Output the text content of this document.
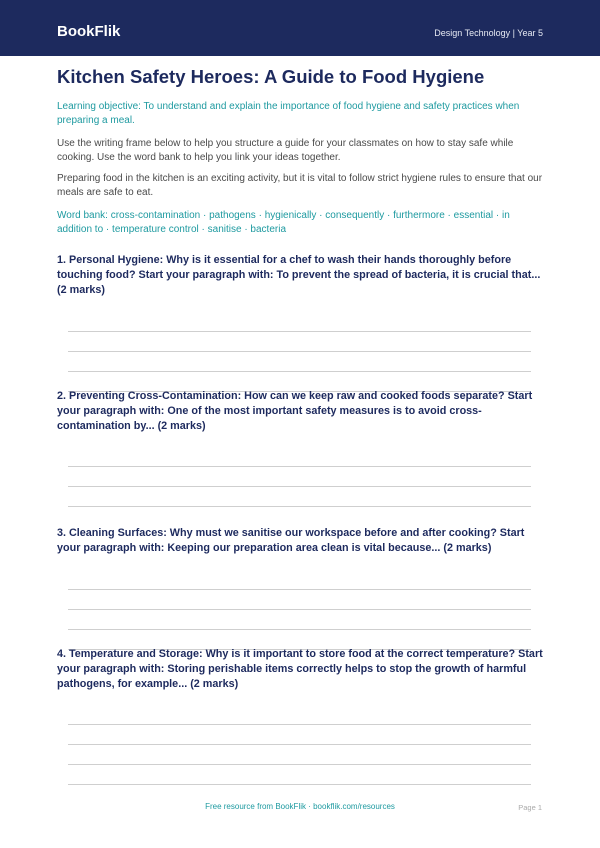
BookFlik	Design Technology | Year 5
Kitchen Safety Heroes: A Guide to Food Hygiene
Learning objective: To understand and explain the importance of food hygiene and safety practices when preparing a meal.
Use the writing frame below to help you structure a guide for your classmates on how to stay safe while cooking. Use the word bank to help you link your ideas together.
Preparing food in the kitchen is an exciting activity, but it is vital to follow strict hygiene rules to ensure that our meals are safe to eat.
Word bank: cross-contamination · pathogens · hygienically · consequently · furthermore · essential · in addition to · temperature control · sanitise · bacteria
1. Personal Hygiene: Why is it essential for a chef to wash their hands thoroughly before touching food? Start your paragraph with: To prevent the spread of bacteria, it is crucial that... (2 marks)
2. Preventing Cross-Contamination: How can we keep raw and cooked foods separate? Start your paragraph with: One of the most important safety measures is to avoid cross-contamination by... (2 marks)
3. Cleaning Surfaces: Why must we sanitise our workspace before and after cooking? Start your paragraph with: Keeping our preparation area clean is vital because... (2 marks)
4. Temperature and Storage: Why is it important to store food at the correct temperature? Start your paragraph with: Storing perishable items correctly helps to stop the growth of harmful pathogens, for example... (2 marks)
Free resource from BookFlik · bookflik.com/resources	Page 1
